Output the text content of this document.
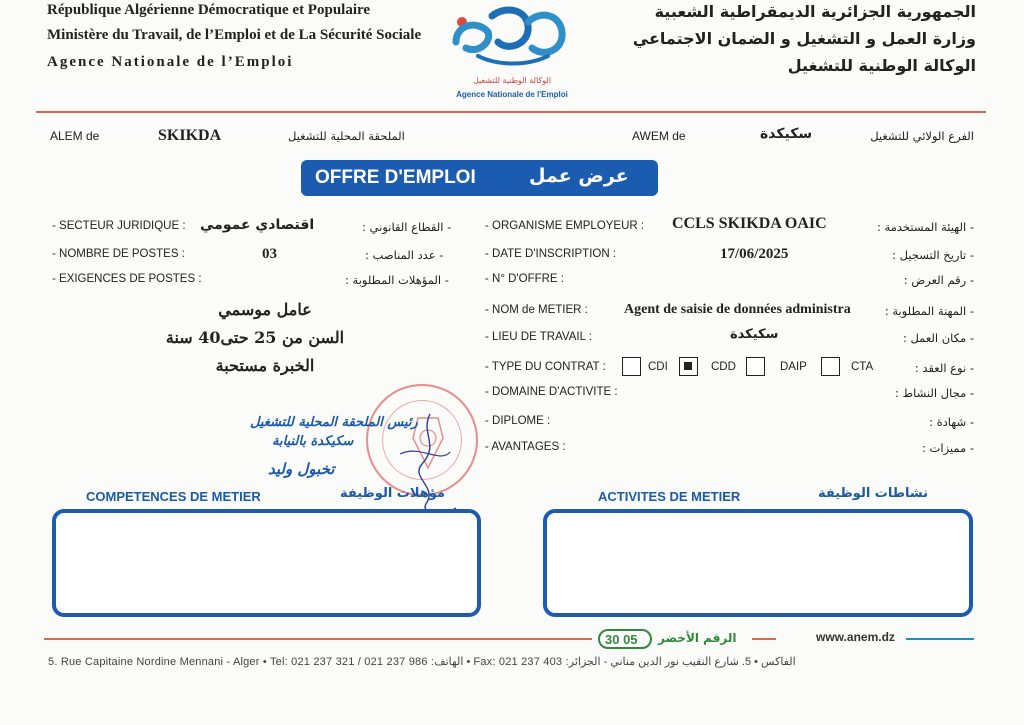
République Algérienne Démocratique et Populaire
Ministère du Travail, de l’Emploi et de La Sécurité Sociale
Agence Nationale de l’Emploi
الجمهورية الجزائرية الديمقراطية الشعبية
وزارة العمل و التشغيل و الضمان الاجتماعي
الوكالة الوطنية للتشغيل
الوكالة الوطنية للتشغيل
Agence Nationale de l'Emploi
ALEM de	SKIKDA	الملحقة المحلية للتشغيل	AWEM de	سكيكدة	الفرع الولائي للتشغيل
OFFRE D'EMPLOI	عرض عمل
- SECTEUR JURIDIQUE : اقتصادي عمومي	- القطاع القانوني :
- NOMBRE DE POSTES :	03	- عدد المناصب :
- EXIGENCES DE POSTES :	- المؤهلات المطلوبة :
عامل موسمي
السن من 25 حتى40 سنة
الخبرة مستحبة
رئيس الملحقة المحلية للتشغيل
سكيكدة بالنيابة
تخبول وليد
- ORGANISME EMPLOYEUR : CCLS SKIKDA OAIC	- الهيئة المستخدمة :
- DATE D'INSCRIPTION :	17/06/2025	- تاريخ التسجيل :
- N° D'OFFRE :	- رقم العرض :
- NOM de METIER :	Agent de saisie de données administra	- المهنة المطلوبة :
- LIEU DE TRAVAIL :	سكيكدة	- مكان العمل :
- TYPE DU CONTRAT :	CDI	CDD	DAIP	CTA	- نوع العقد :
- DOMAINE D'ACTIVITE :	- مجال النشاط :
- DIPLOME :	- شهادة :
- AVANTAGES :	- مميزات :
COMPETENCES DE METIER	مؤهلات الوظيفة	ACTIVITES DE METIER	نشاطات الوظيفة
30 05 الرقم الأخضر	www.anem.dz
5. Rue Capitaine Nordine Mennani - Alger • Tel: 021 237 321 / 021 237 986 :الهاتف • Fax: 021 237 403 :الفاكس • 5. شارع النقيب نور الدين مناني - الجزائر
